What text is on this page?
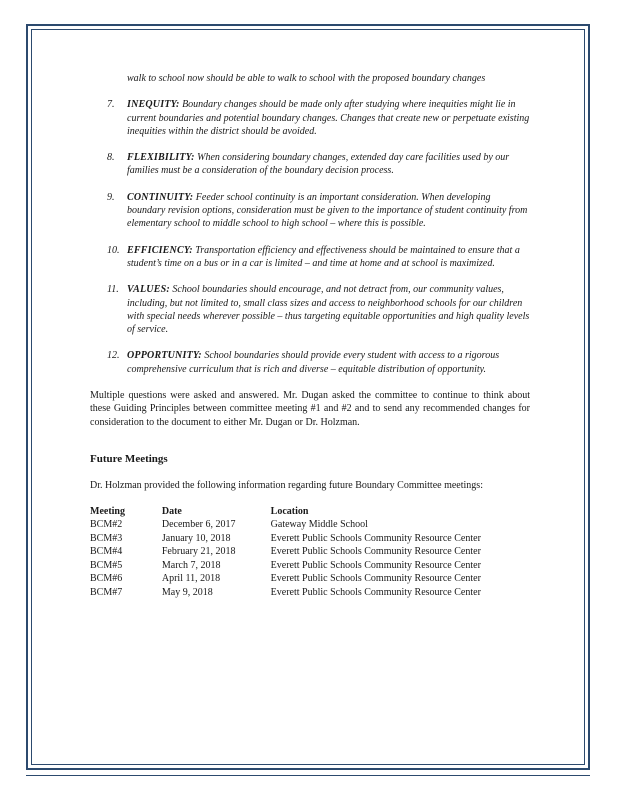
walk to school now should be able to walk to school with the proposed boundary changes
7. INEQUITY: Boundary changes should be made only after studying where inequities might lie in current boundaries and potential boundary changes. Changes that create new or perpetuate existing inequities within the district should be avoided.
8. FLEXIBILITY: When considering boundary changes, extended day care facilities used by our families must be a consideration of the boundary decision process.
9. CONTINUITY: Feeder school continuity is an important consideration. When developing boundary revision options, consideration must be given to the importance of student continuity from elementary school to middle school to high school – where this is possible.
10. EFFICIENCY: Transportation efficiency and effectiveness should be maintained to ensure that a student’s time on a bus or in a car is limited – and time at home and at school is maximized.
11. VALUES: School boundaries should encourage, and not detract from, our community values, including, but not limited to, small class sizes and access to neighborhood schools for our children with special needs wherever possible – thus targeting equitable opportunities and high quality levels of service.
12. OPPORTUNITY: School boundaries should provide every student with access to a rigorous comprehensive curriculum that is rich and diverse – equitable distribution of opportunity.
Multiple questions were asked and answered. Mr. Dugan asked the committee to continue to think about these Guiding Principles between committee meeting #1 and #2 and to send any recommended changes for consideration to the document to either Mr. Dugan or Dr. Holzman.
Future Meetings
Dr. Holzman provided the following information regarding future Boundary Committee meetings:
Meeting	Date	Location
BCM#2	December 6, 2017	Gateway Middle School
BCM#3	January 10, 2018	Everett Public Schools Community Resource Center
BCM#4	February 21, 2018	Everett Public Schools Community Resource Center
BCM#5	March 7, 2018	Everett Public Schools Community Resource Center
BCM#6	April 11, 2018	Everett Public Schools Community Resource Center
BCM#7	May 9, 2018	Everett Public Schools Community Resource Center
